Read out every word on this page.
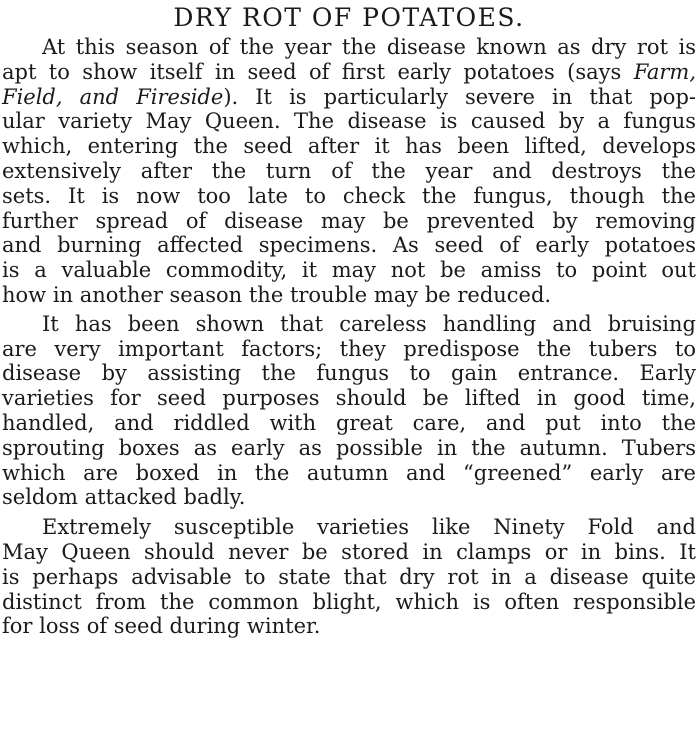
DRY ROT OF POTATOES.
At this season of the year the disease known as dry rot is
apt to show itself in seed of first early potatoes (says Farm,
Field, and Fireside). It is particularly severe in that pop-
ular variety May Queen. The disease is caused by a fungus
which, entering the seed after it has been lifted, develops
extensively after the turn of the year and destroys the
sets. It is now too late to check the fungus, though the
further spread of disease may be prevented by removing
and burning affected specimens. As seed of early potatoes
is a valuable commodity, it may not be amiss to point out
how in another season the trouble may be reduced.
It has been shown that careless handling and bruising
are very important factors; they predispose the tubers to
disease by assisting the fungus to gain entrance. Early
varieties for seed purposes should be lifted in good time,
handled, and riddled with great care, and put into the
sprouting boxes as early as possible in the autumn. Tubers
which are boxed in the autumn and “greened” early are
seldom attacked badly.
Extremely susceptible varieties like Ninety Fold and
May Queen should never be stored in clamps or in bins. It
is perhaps advisable to state that dry rot in a disease quite
distinct from the common blight, which is often responsible
for loss of seed during winter.
